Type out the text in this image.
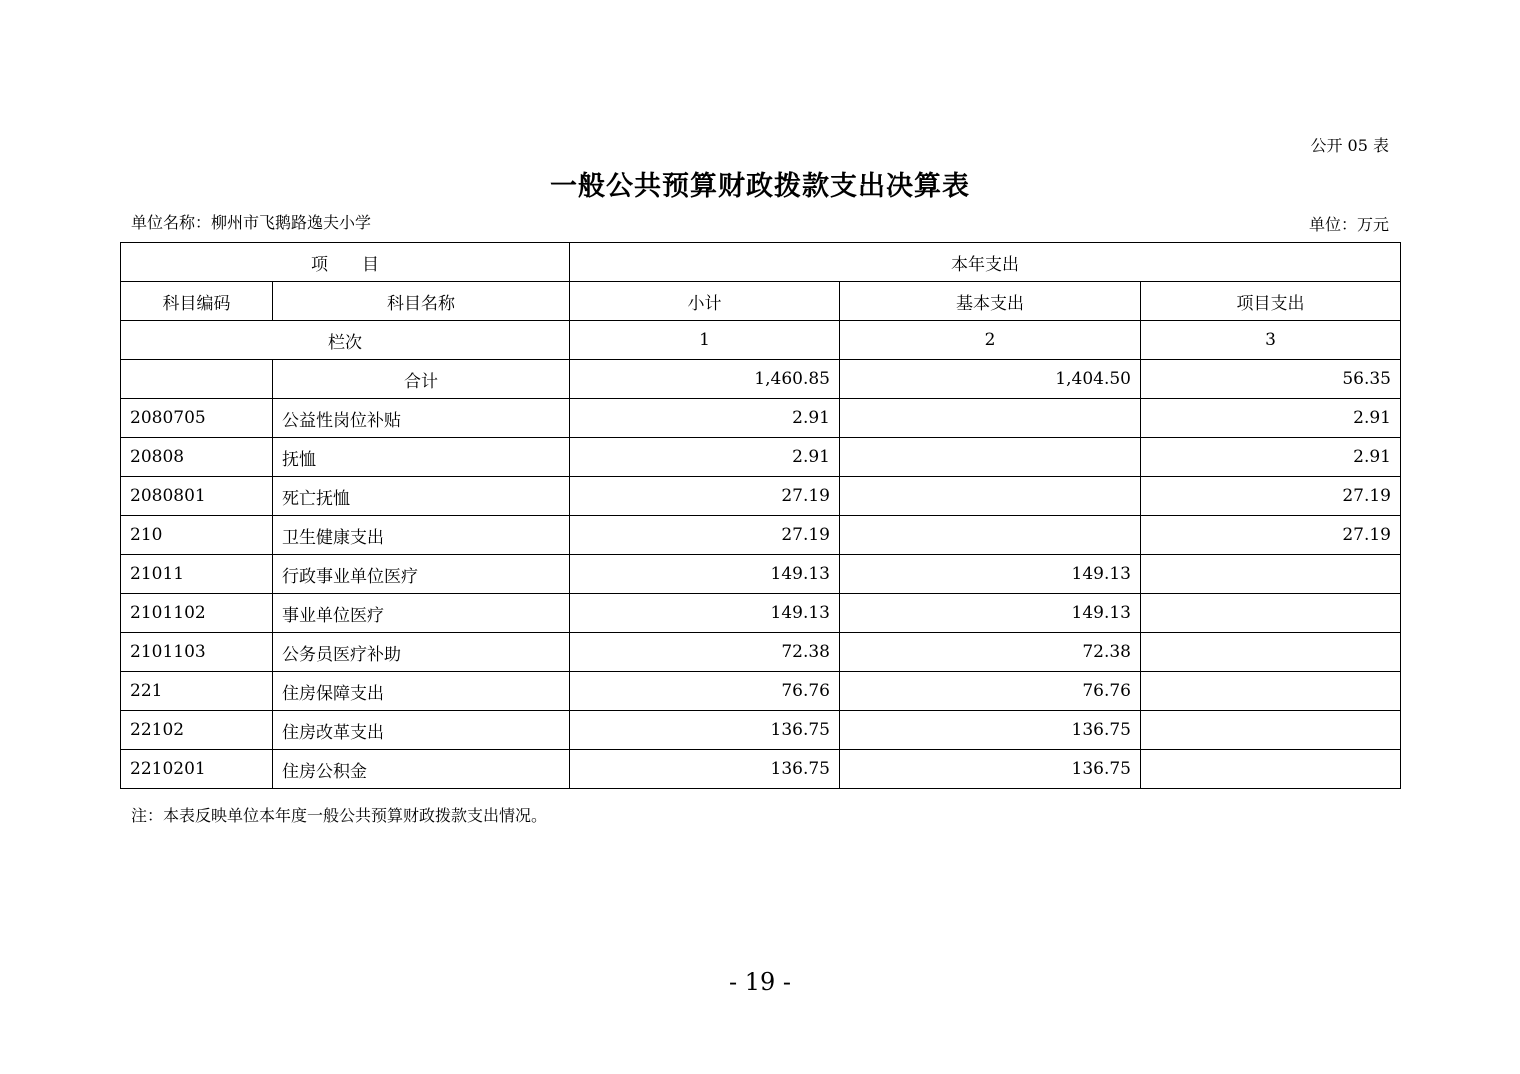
公开 05 表
一般公共预算财政拨款支出决算表
单位名称：柳州市飞鹅路逸夫小学	单位：万元
项　　目		本年支出		
科目编码	科目名称	小计	基本支出	项目支出
栏次		1	2	3
	合计	1,460.85	1,404.50	56.35
2080705	公益性岗位补贴	2.91		2.91
20808	抚恤	2.91		2.91
2080801	死亡抚恤	27.19		27.19
210	卫生健康支出	27.19		27.19
21011	行政事业单位医疗	149.13	149.13	
2101102	事业单位医疗	149.13	149.13	
2101103	公务员医疗补助	72.38	72.38	
221	住房保障支出	76.76	76.76	
22102	住房改革支出	136.75	136.75	
2210201	住房公积金	136.75	136.75	
注：本表反映单位本年度一般公共预算财政拨款支出情况。
- 19 -
